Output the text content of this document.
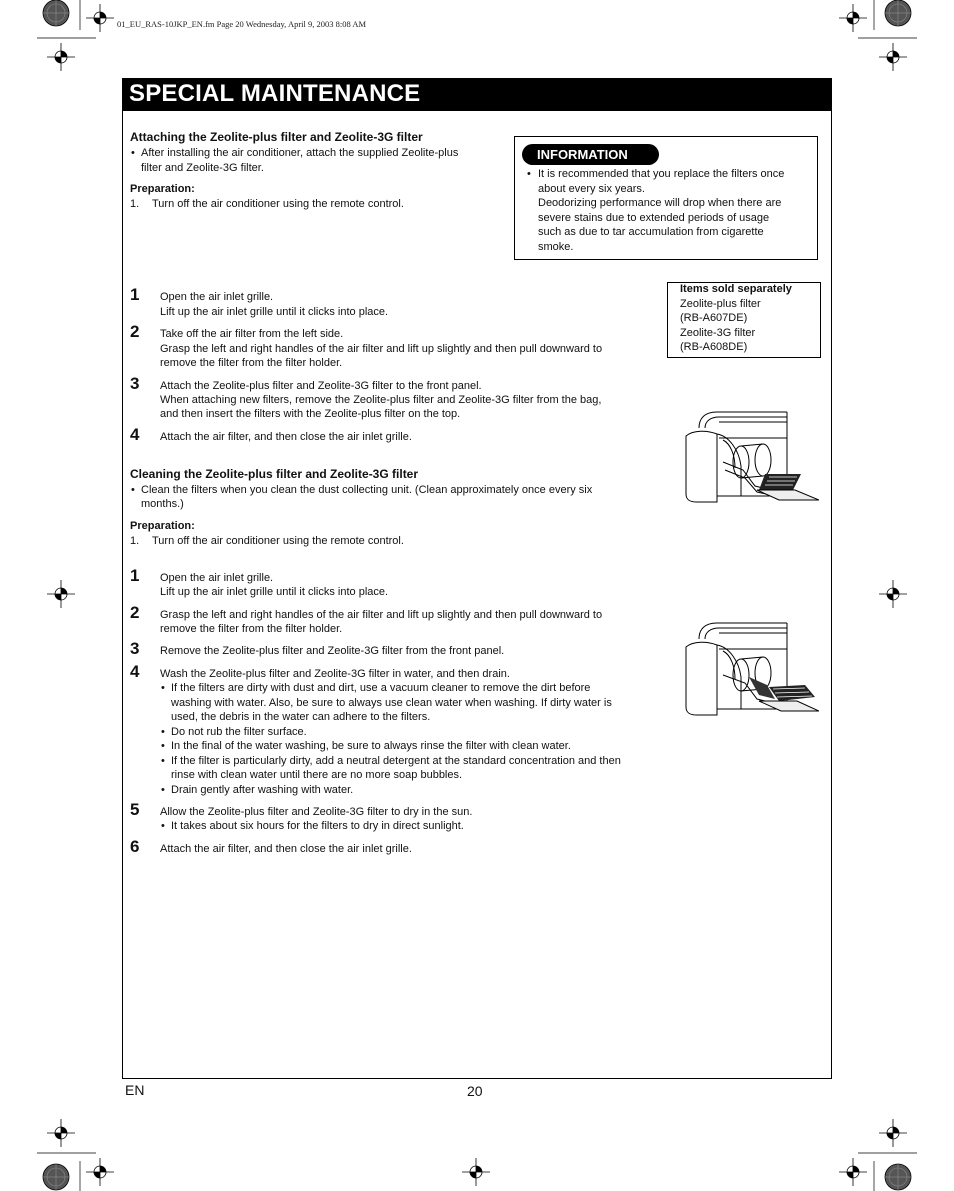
01_EU_RAS-10JKP_EN.fm Page 20 Wednesday, April 9, 2003 8:08 AM
SPECIAL MAINTENANCE
Attaching the Zeolite-plus filter and Zeolite-3G filter
• After installing the air conditioner, attach the supplied Zeolite-plus
filter and Zeolite-3G filter.
Preparation:
1. Turn off the air conditioner using the remote control.
INFORMATION
• It is recommended that you replace the filters once
about every six years.
Deodorizing performance will drop when there are
severe stains due to extended periods of usage
such as due to tar accumulation from cigarette
smoke.
Items sold separately
Zeolite-plus filter
(RB-A607DE)
Zeolite-3G filter
(RB-A608DE)
1 Open the air inlet grille.
Lift up the air inlet grille until it clicks into place.
2 Take off the air filter from the left side.
Grasp the left and right handles of the air filter and lift up slightly and then pull downward to
remove the filter from the filter holder.
3 Attach the Zeolite-plus filter and Zeolite-3G filter to the front panel.
When attaching new filters, remove the Zeolite-plus filter and Zeolite-3G filter from the bag,
and then insert the filters with the Zeolite-plus filter on the top.
4 Attach the air filter, and then close the air inlet grille.
Cleaning the Zeolite-plus filter and Zeolite-3G filter
• Clean the filters when you clean the dust collecting unit. (Clean approximately once every six
months.)
Preparation:
1. Turn off the air conditioner using the remote control.
1 Open the air inlet grille.
Lift up the air inlet grille until it clicks into place.
2 Grasp the left and right handles of the air filter and lift up slightly and then pull downward to
remove the filter from the filter holder.
3 Remove the Zeolite-plus filter and Zeolite-3G filter from the front panel.
4 Wash the Zeolite-plus filter and Zeolite-3G filter in water, and then drain.
• If the filters are dirty with dust and dirt, use a vacuum cleaner to remove the dirt before
washing with water. Also, be sure to always use clean water when washing. If dirty water is
used, the debris in the water can adhere to the filters.
• Do not rub the filter surface.
• In the final of the water washing, be sure to always rinse the filter with clean water.
• If the filter is particularly dirty, add a neutral detergent at the standard concentration and then
rinse with clean water until there are no more soap bubbles.
• Drain gently after washing with water.
5 Allow the Zeolite-plus filter and Zeolite-3G filter to dry in the sun.
• It takes about six hours for the filters to dry in direct sunlight.
6 Attach the air filter, and then close the air inlet grille.
EN	20
